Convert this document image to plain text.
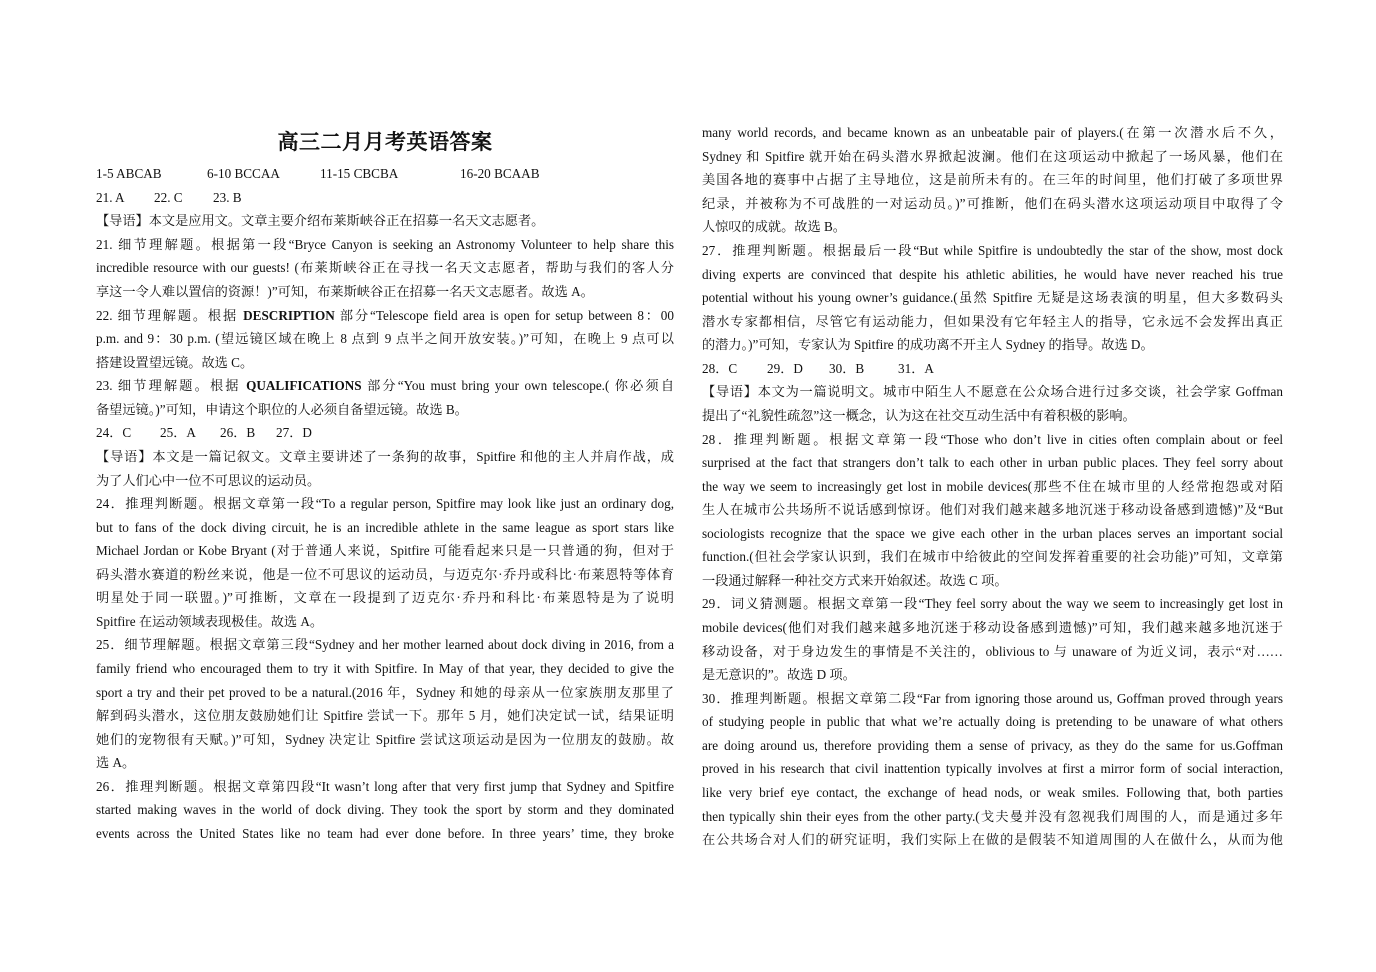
高三二月月考英语答案
1-5 ABCAB	6-10 BCCAA	11-15 CBCBA	16-20 BCAAB
21. A 22. C 23. B
【导语】本文是应用文。文章主要介绍布莱斯峡谷正在招募一名天文志愿者。
21. 细节理解题。根据第一段“Bryce Canyon is seeking an Astronomy Volunteer to help share this
incredible resource with our guests! (布莱斯峡谷正在寻找一名天文志愿者，帮助与我们的客人分
享这一令人难以置信的资源！)”可知，布莱斯峡谷正在招募一名天文志愿者。故选 A。
22. 细节理解题。根据 DESCRIPTION 部分“Telescope field area is open for setup between 8：00
p.m. and 9：30 p.m. (望远镜区域在晚上 8 点到 9 点半之间开放安装。)”可知，在晚上 9 点可以
搭建设置望远镜。故选 C。
23. 细节理解题。根据 QUALIFICATIONS 部分“You must bring your own telescope.( 你必须自
备望远镜。)”可知，申请这个职位的人必须自备望远镜。故选 B。
24．C 25．A 26．B 27．D
【导语】本文是一篇记叙文。文章主要讲述了一条狗的故事，Spitfire 和他的主人并肩作战，成
为了人们心中一位不可思议的运动员。
24．推理判断题。根据文章第一段“To a regular person, Spitfire may look like just an ordinary dog,
but to fans of the dock diving circuit, he is an incredible athlete in the same league as sport stars like
Michael Jordan or Kobe Bryant (对于普通人来说，Spitfire 可能看起来只是一只普通的狗，但对于
码头潜水赛道的粉丝来说，他是一位不可思议的运动员，与迈克尔·乔丹或科比·布莱恩特等体育
明星处于同一联盟。)”可推断，文章在一段提到了迈克尔·乔丹和科比·布莱恩特是为了说明
Spitfire 在运动领域表现极佳。故选 A。
25．细节理解题。根据文章第三段“Sydney and her mother learned about dock diving in 2016, from a
family friend who encouraged them to try it with Spitfire. In May of that year, they decided to give the
sport a try and their pet proved to be a natural.(2016 年，Sydney 和她的母亲从一位家族朋友那里了
解到码头潜水，这位朋友鼓励她们让 Spitfire 尝试一下。那年 5 月，她们决定试一试，结果证明
她们的宠物很有天赋。)”可知，Sydney 决定让 Spitfire 尝试这项运动是因为一位朋友的鼓励。故
选 A。
26．推理判断题。根据文章第四段“It wasn’t long after that very first jump that Sydney and Spitfire
started making waves in the world of dock diving. They took the sport by storm and they dominated
events across the United States like no team had ever done before. In three years’ time, they broke
many world records, and became known as an unbeatable pair of players.(在第一次潜水后不久，
Sydney 和 Spitfire 就开始在码头潜水界掀起波澜。他们在这项运动中掀起了一场风暴，他们在
美国各地的赛事中占据了主导地位，这是前所未有的。在三年的时间里，他们打破了多项世界
纪录，并被称为不可战胜的一对运动员。)”可推断，他们在码头潜水这项运动项目中取得了令
人惊叹的成就。故选 B。
27．推理判断题。根据最后一段“But while Spitfire is undoubtedly the star of the show, most dock
diving experts are convinced that despite his athletic abilities, he would have never reached his true
potential without his young owner’s guidance.(虽然 Spitfire 无疑是这场表演的明星，但大多数码头
潜水专家都相信，尽管它有运动能力，但如果没有它年轻主人的指导，它永远不会发挥出真正
的潜力。)”可知，专家认为 Spitfire 的成功离不开主人 Sydney 的指导。故选 D。
28．C 29．D 30．B	31．A
【导语】本文为一篇说明文。城市中陌生人不愿意在公众场合进行过多交谈，社会学家 Goffman
提出了“礼貌性疏忽”这一概念，认为这在社交互动生活中有着积极的影响。
28．推理判断题。根据文章第一段“Those who don’t live in cities often complain about or feel
surprised at the fact that strangers don’t talk to each other in urban public places. They feel sorry about
the way we seem to increasingly get lost in mobile devices(那些不住在城市里的人经常抱怨或对陌
生人在城市公共场所不说话感到惊讶。他们对我们越来越多地沉迷于移动设备感到遗憾)”及“But
sociologists recognize that the space we give each other in the urban places serves an important social
function.(但社会学家认识到，我们在城市中给彼此的空间发挥着重要的社会功能)”可知，文章第
一段通过解释一种社交方式来开始叙述。故选 C 项。
29．词义猜测题。根据文章第一段“They feel sorry about the way we seem to increasingly get lost in
mobile devices(他们对我们越来越多地沉迷于移动设备感到遗憾)”可知，我们越来越多地沉迷于
移动设备，对于身边发生的事情是不关注的，oblivious to 与 unaware of 为近义词，表示“对……
是无意识的”。故选 D 项。
30．推理判断题。根据文章第二段“Far from ignoring those around us, Goffman proved through years
of studying people in public that what we’re actually doing is pretending to be unaware of what others
are doing around us, therefore providing them a sense of privacy, as they do the same for us.Goffman
proved in his research that civil inattention typically involves at first a mirror form of social interaction,
like very brief eye contact, the exchange of head nods, or weak smiles. Following that, both parties
then typically shin their eyes from the other party.(戈夫曼并没有忽视我们周围的人，而是通过多年
在公共场合对人们的研究证明，我们实际上在做的是假装不知道周围的人在做什么，从而为他
